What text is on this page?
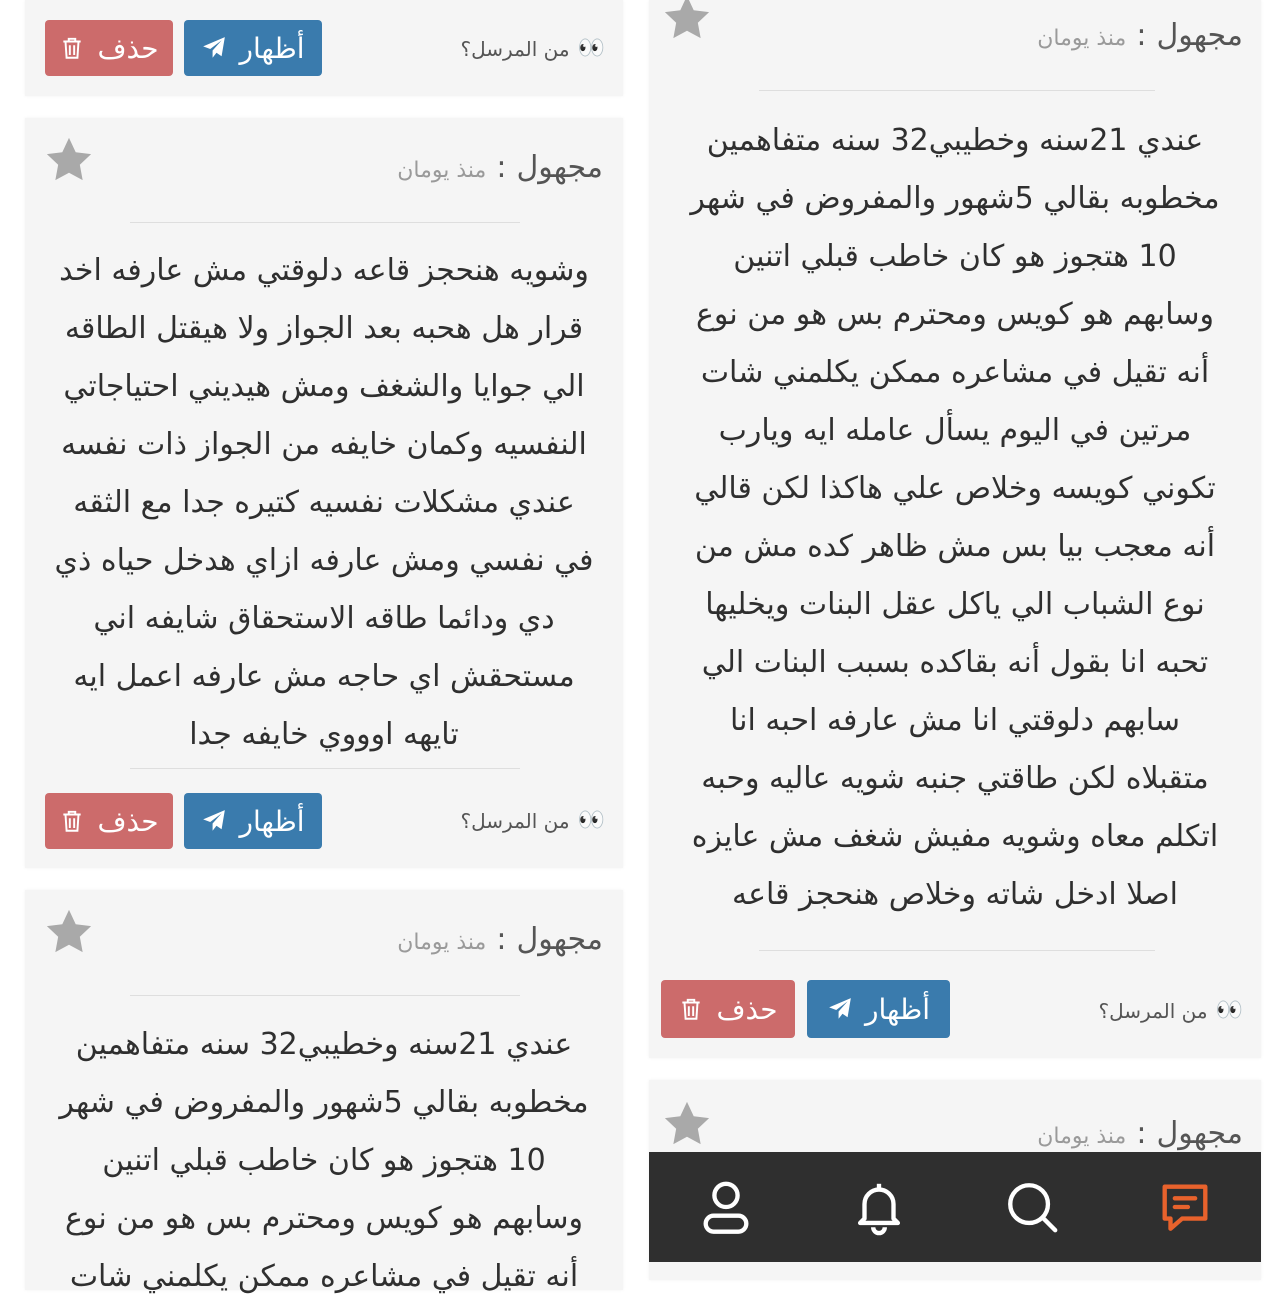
حذف	أظهار	👀
من المرسل؟
مجهول
:
منذ يومان
وشويه هنحجز قاعه دلوقتي مش عارفه اخد
قرار هل هحبه بعد الجواز ولا هيقتل الطاقه
الي جوايا والشغف ومش هيديني احتياجاتي
النفسيه وكمان خايفه من الجواز ذات نفسه
عندي مشكلات نفسيه كتيره جدا مع الثقه
في نفسي ومش عارفه ازاي هدخل حياه ذي
دي ودائما طاقه الاستحقاق شايفه اني
مستحقش اي حاجه مش عارفه اعمل ايه
تايهه اوووي خايفه جدا
حذف	أظهار	👀
من المرسل؟
مجهول
:
منذ يومان
عندي 21سنه وخطيبي32 سنه متفاهمين
مخطوبه بقالي 5شهور والمفروض في شهر
10 هتجوز هو كان خاطب قبلي اتنين
وسابهم هو كويس ومحترم بس هو من نوع
أنه تقيل في مشاعره ممكن يكلمني شات
مجهول
:
منذ يومان
عندي 21سنه وخطيبي32 سنه متفاهمين
مخطوبه بقالي 5شهور والمفروض في شهر
10 هتجوز هو كان خاطب قبلي اتنين
وسابهم هو كويس ومحترم بس هو من نوع
أنه تقيل في مشاعره ممكن يكلمني شات
مرتين في اليوم يسأل عامله ايه ويارب
تكوني كويسه وخلاص علي هاكذا لكن قالي
أنه معجب بيا بس مش ظاهر كده مش من
نوع الشباب الي ياكل عقل البنات ويخليها
تحبه انا بقول أنه بقاكده بسبب البنات الي
سابهم دلوقتي انا مش عارفه احبه انا
متقبلاه لكن طاقتي جنبه شويه عاليه وحبه
اتكلم معاه وشويه مفيش شغف مش عايزه
اصلا ادخل شاته وخلاص هنحجز قاعه
حذف	أظهار	👀
من المرسل؟
مجهول
:
منذ يومان
